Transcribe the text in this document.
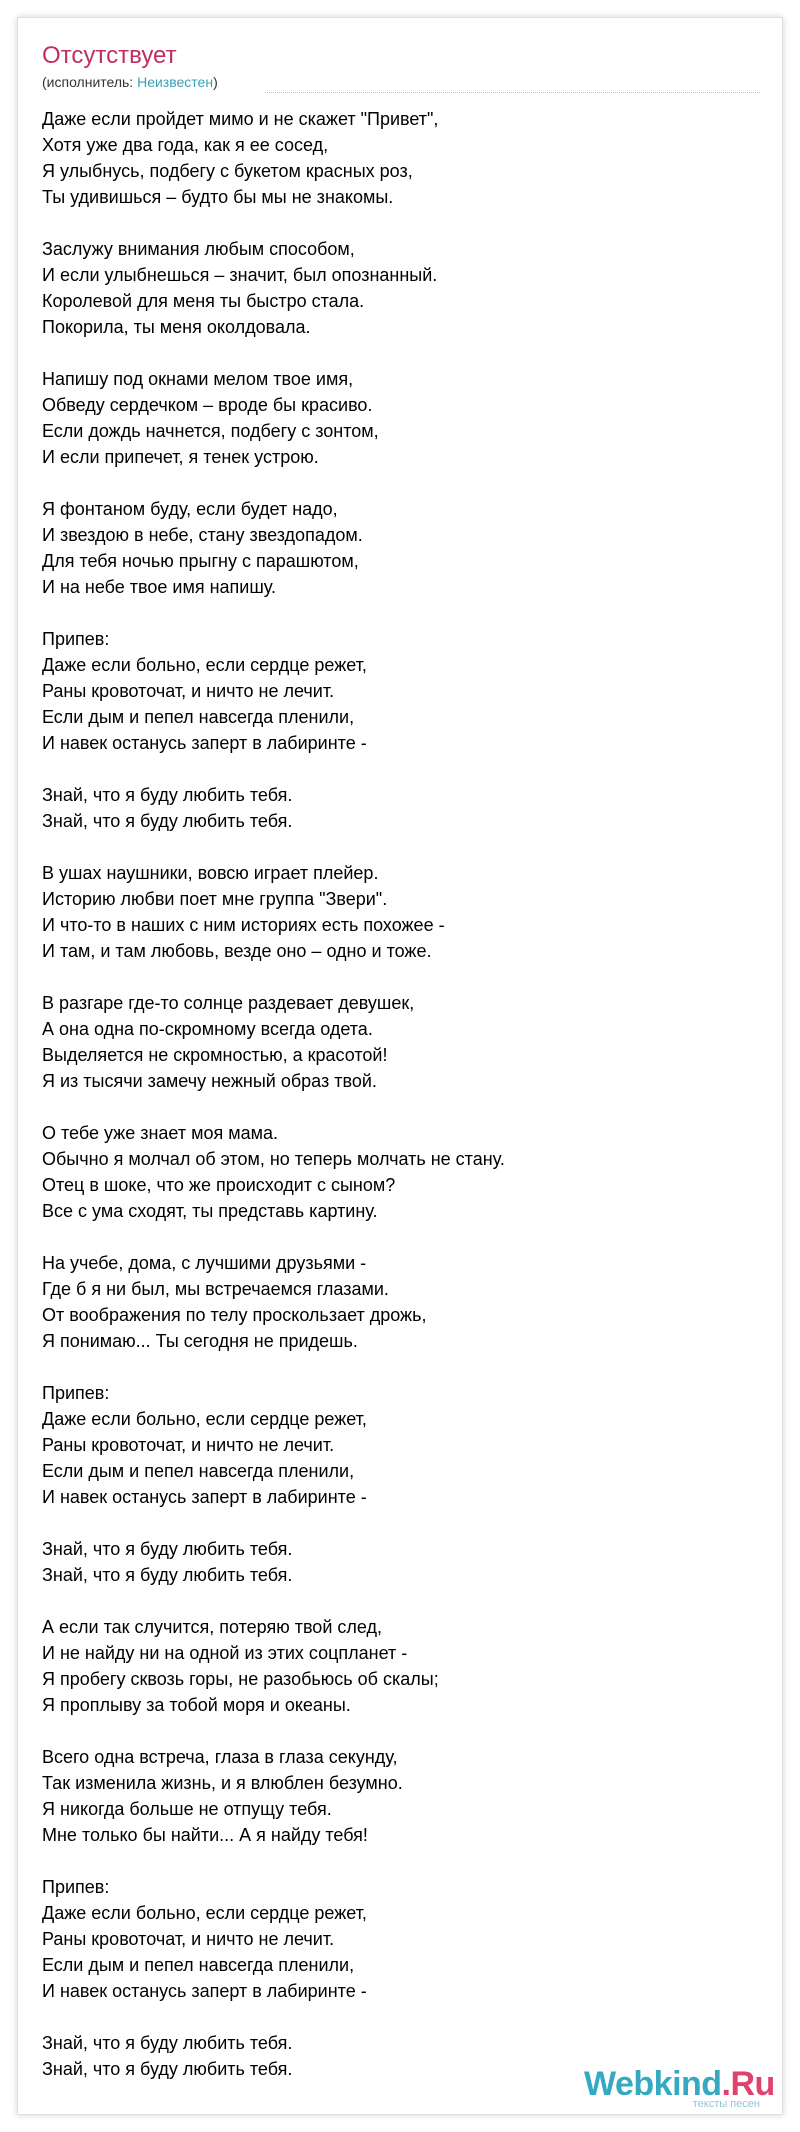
Отсутствует
(исполнитель: Неизвестен)

Даже если пройдет мимо и не скажет "Привет",
Хотя уже два года, как я ее сосед,
Я улыбнусь, подбегу с букетом красных роз,
Ты удивишься – будто бы мы не знакомы.

Заслужу внимания любым способом,
И если улыбнешься – значит, был опознанный.
Королевой для меня ты быстро стала.
Покорила, ты меня околдовала.

Напишу под окнами мелом твое имя,
Обведу сердечком – вроде бы красиво.
Если дождь начнется, подбегу с зонтом,
И если припечет, я тенек устрою.

Я фонтаном буду, если будет надо,
И звездою в небе, стану звездопадом.
Для тебя ночью прыгну с парашютом,
И на небе твое имя напишу.

Припев:
Даже если больно, если сердце режет,
Раны кровоточат, и ничто не лечит.
Если дым и пепел навсегда пленили,
И навек останусь заперт в лабиринте -

Знай, что я буду любить тебя.
Знай, что я буду любить тебя.

В ушах наушники, вовсю играет плейер.
Историю любви поет мне группа "Звери".
И что-то в наших с ним историях есть похожее -
И там, и там любовь, везде оно – одно и тоже.

В разгаре где-то солнце раздевает девушек,
А она одна по-скромному всегда одета.
Выделяется не скромностью, а красотой!
Я из тысячи замечу нежный образ твой.

О тебе уже знает моя мама.
Обычно я молчал об этом, но теперь молчать не стану.
Отец в шоке, что же происходит с сыном?
Все с ума сходят, ты представь картину.

На учебе, дома, с лучшими друзьями -
Где б я ни был, мы встречаемся глазами.
От воображения по телу проскользает дрожь,
Я понимаю... Ты сегодня не придешь.

Припев:
Даже если больно, если сердце режет,
Раны кровоточат, и ничто не лечит.
Если дым и пепел навсегда пленили,
И навек останусь заперт в лабиринте -

Знай, что я буду любить тебя.
Знай, что я буду любить тебя.

А если так случится, потеряю твой след,
И не найду ни на одной из этих соцпланет -
Я пробегу сквозь горы, не разобьюсь об скалы;
Я проплыву за тобой моря и океаны.

Всего одна встреча, глаза в глаза секунду,
Так изменила жизнь, и я влюблен безумно.
Я никогда больше не отпущу тебя.
Мне только бы найти... А я найду тебя!

Припев:
Даже если больно, если сердце режет,
Раны кровоточат, и ничто не лечит.
Если дым и пепел навсегда пленили,
И навек останусь заперт в лабиринте -

Знай, что я буду любить тебя.
Знай, что я буду любить тебя.	Webkind.Ru
тексты песен
